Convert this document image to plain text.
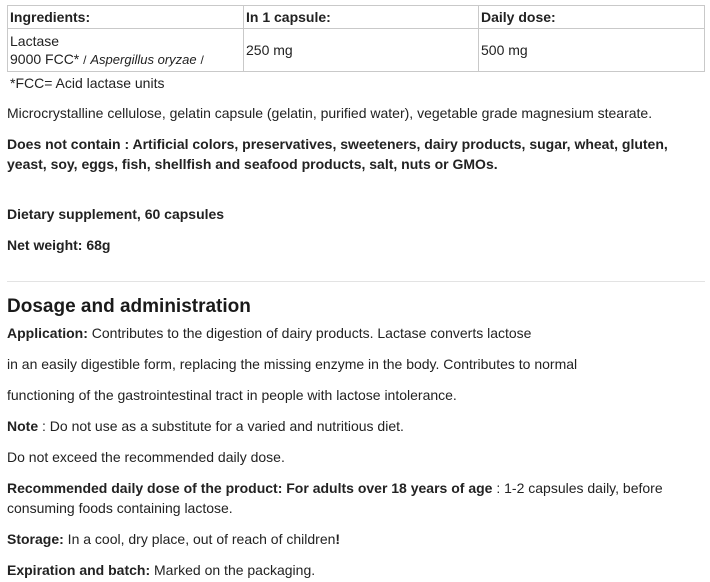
Ingredients:	In 1 capsule:	Daily dose:
Lactase
9000 FCC* / Aspergillus oryzae /	250 mg	500 mg
*FCC= Acid lactase units

Microcrystalline cellulose, gelatin capsule (gelatin, purified water), vegetable grade magnesium stearate.

Does not contain : Artificial colors, preservatives, sweeteners, dairy products, sugar, wheat, gluten, yeast, soy, eggs, fish, shellfish and seafood products, salt, nuts or GMOs.

Dietary supplement, 60 capsules

Net weight: 68g

Dosage and administration

Application: Contributes to the digestion of dairy products. Lactase converts lactose

in an easily digestible form, replacing the missing enzyme in the body. Contributes to normal

functioning of the gastrointestinal tract in people with lactose intolerance.

Note : Do not use as a substitute for a varied and nutritious diet.

Do not exceed the recommended daily dose.

Recommended daily dose of the product: For adults over 18 years of age : 1-2 capsules daily, before consuming foods containing lactose.

Storage: In a cool, dry place, out of reach of children!

Expiration and batch: Marked on the packaging.
